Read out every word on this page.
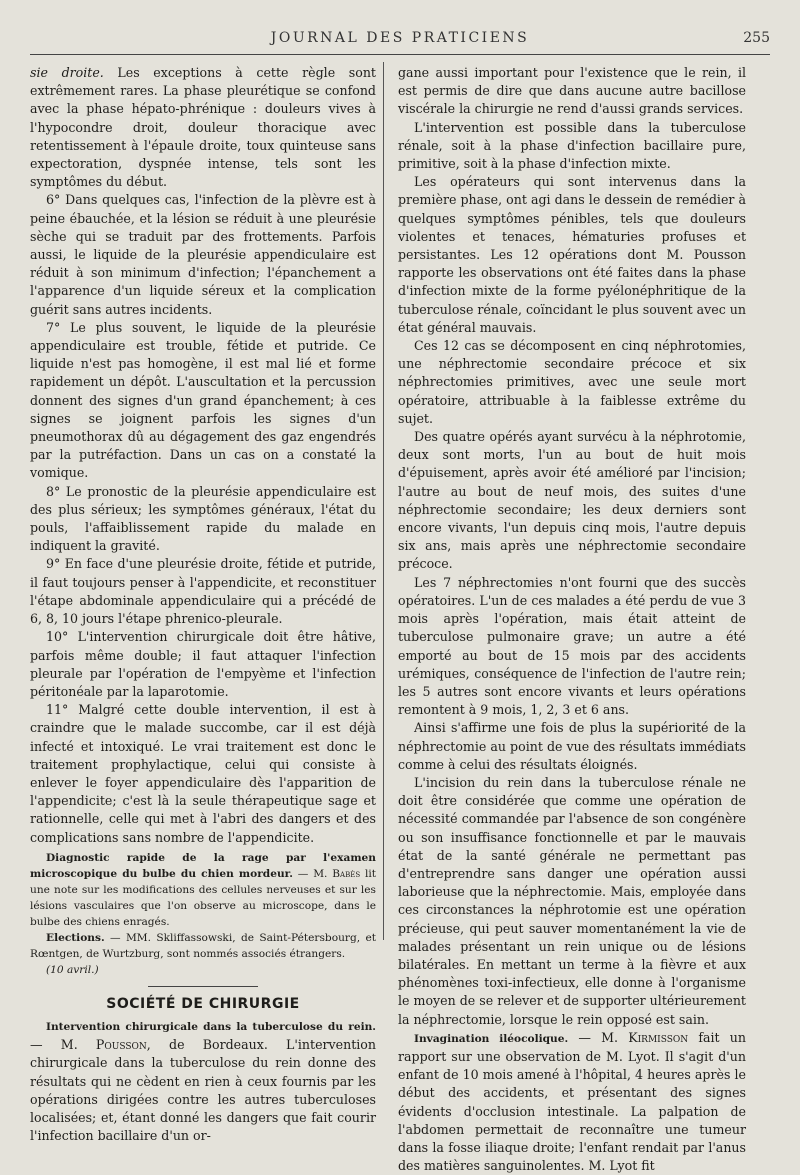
JOURNAL DES PRATICIENS	255

sie droite. Les exceptions à cette règle sont extrêmement rares. La phase pleurétique se confond avec la phase hépato-phrénique : douleurs vives à l'hypocondre droit, douleur thoracique avec retentissement à l'épaule droite, toux quinteuse sans expectoration, dyspnée intense, tels sont les symptômes du début.

6° Dans quelques cas, l'infection de la plèvre est à peine ébauchée, et la lésion se réduit à une pleurésie sèche qui se traduit par des frottements. Parfois aussi, le liquide de la pleurésie appendiculaire est réduit à son minimum d'infection; l'épanchement a l'apparence d'un liquide séreux et la complication guérit sans autres incidents.

7° Le plus souvent, le liquide de la pleurésie appendiculaire est trouble, fétide et putride. Ce liquide n'est pas homogène, il est mal lié et forme rapidement un dépôt. L'auscultation et la percussion donnent des signes d'un grand épanchement; à ces signes se joignent parfois les signes d'un pneumothorax dû au dégagement des gaz engendrés par la putréfaction. Dans un cas on a constaté la vomique.

8° Le pronostic de la pleurésie appendiculaire est des plus sérieux; les symptômes généraux, l'état du pouls, l'affaiblissement rapide du malade en indiquent la gravité.

9° En face d'une pleurésie droite, fétide et putride, il faut toujours penser à l'appendicite, et reconstituer l'étape abdominale appendiculaire qui a précédé de 6, 8, 10 jours l'étape phrenico-pleurale.

10° L'intervention chirurgicale doit être hâtive, parfois même double; il faut attaquer l'infection pleurale par l'opération de l'empyème et l'infection péritonéale par la laparotomie.

11° Malgré cette double intervention, il est à craindre que le malade succombe, car il est déjà infecté et intoxiqué. Le vrai traitement est donc le traitement prophylactique, celui qui consiste à enlever le foyer appendiculaire dès l'apparition de l'appendicite; c'est là la seule thérapeutique sage et rationnelle, celle qui met à l'abri des dangers et des complications sans nombre de l'appendicite.

Diagnostic rapide de la rage par l'examen microscopique du bulbe du chien mordeur. — M. Babès lit une note sur les modifications des cellules nerveuses et sur les lésions vasculaires que l'on observe au microscope, dans le bulbe des chiens enragés.

Elections. — MM. Skliffassowski, de Saint-Pétersbourg, et Rœntgen, de Wurtzburg, sont nommés associés étrangers.

(10 avril.)

SOCIÉTÉ DE CHIRURGIE

Intervention chirurgicale dans la tuberculose du rein. — M. Pousson, de Bordeaux. L'intervention chirurgicale dans la tuberculose du rein donne des résultats qui ne cèdent en rien à ceux fournis par les opérations dirigées contre les autres tuberculoses localisées; et, étant donné les dangers que fait courir l'infection bacillaire d'un or-

gane aussi important pour l'existence que le rein, il est permis de dire que dans aucune autre bacillose viscérale la chirurgie ne rend d'aussi grands services.

L'intervention est possible dans la tuberculose rénale, soit à la phase d'infection bacillaire pure, primitive, soit à la phase d'infection mixte.

Les opérateurs qui sont intervenus dans la première phase, ont agi dans le dessein de remédier à quelques symptômes pénibles, tels que douleurs violentes et tenaces, hématuries profuses et persistantes. Les 12 opérations dont M. Pousson rapporte les observations ont été faites dans la phase d'infection mixte de la forme pyélonéphritique de la tuberculose rénale, coïncidant le plus souvent avec un état général mauvais.

Ces 12 cas se décomposent en cinq néphrotomies, une néphrectomie secondaire précoce et six néphrectomies primitives, avec une seule mort opératoire, attribuable à la faiblesse extrême du sujet.

Des quatre opérés ayant survécu à la néphrotomie, deux sont morts, l'un au bout de huit mois d'épuisement, après avoir été amélioré par l'incision; l'autre au bout de neuf mois, des suites d'une néphrectomie secondaire; les deux derniers sont encore vivants, l'un depuis cinq mois, l'autre depuis six ans, mais après une néphrectomie secondaire précoce.

Les 7 néphrectomies n'ont fourni que des succès opératoires. L'un de ces malades a été perdu de vue 3 mois après l'opération, mais était atteint de tuberculose pulmonaire grave; un autre a été emporté au bout de 15 mois par des accidents urémiques, conséquence de l'infection de l'autre rein; les 5 autres sont encore vivants et leurs opérations remontent à 9 mois, 1, 2, 3 et 6 ans.

Ainsi s'affirme une fois de plus la supériorité de la néphrectomie au point de vue des résultats immédiats comme à celui des résultats éloignés.

L'incision du rein dans la tuberculose rénale ne doit être considérée que comme une opération de nécessité commandée par l'absence de son congénère ou son insuffisance fonctionnelle et par le mauvais état de la santé générale ne permettant pas d'entreprendre sans danger une opération aussi laborieuse que la néphrectomie. Mais, employée dans ces circonstances la néphrotomie est une opération précieuse, qui peut sauver momentanément la vie de malades présentant un rein unique ou de lésions bilatérales. En mettant un terme à la fièvre et aux phénomènes toxi-infectieux, elle donne à l'organisme le moyen de se relever et de supporter ultérieurement la néphrectomie, lorsque le rein opposé est sain.

Invagination iléocolique. — M. Kirmisson fait un rapport sur une observation de M. Lyot. Il s'agit d'un enfant de 10 mois amené à l'hôpital, 4 heures après le début des accidents, et présentant des signes évidents d'occlusion intestinale. La palpation de l'abdomen permettait de reconnaître une tumeur dans la fosse iliaque droite; l'enfant rendait par l'anus des matières sanguinolentes. M. Lyot fit
